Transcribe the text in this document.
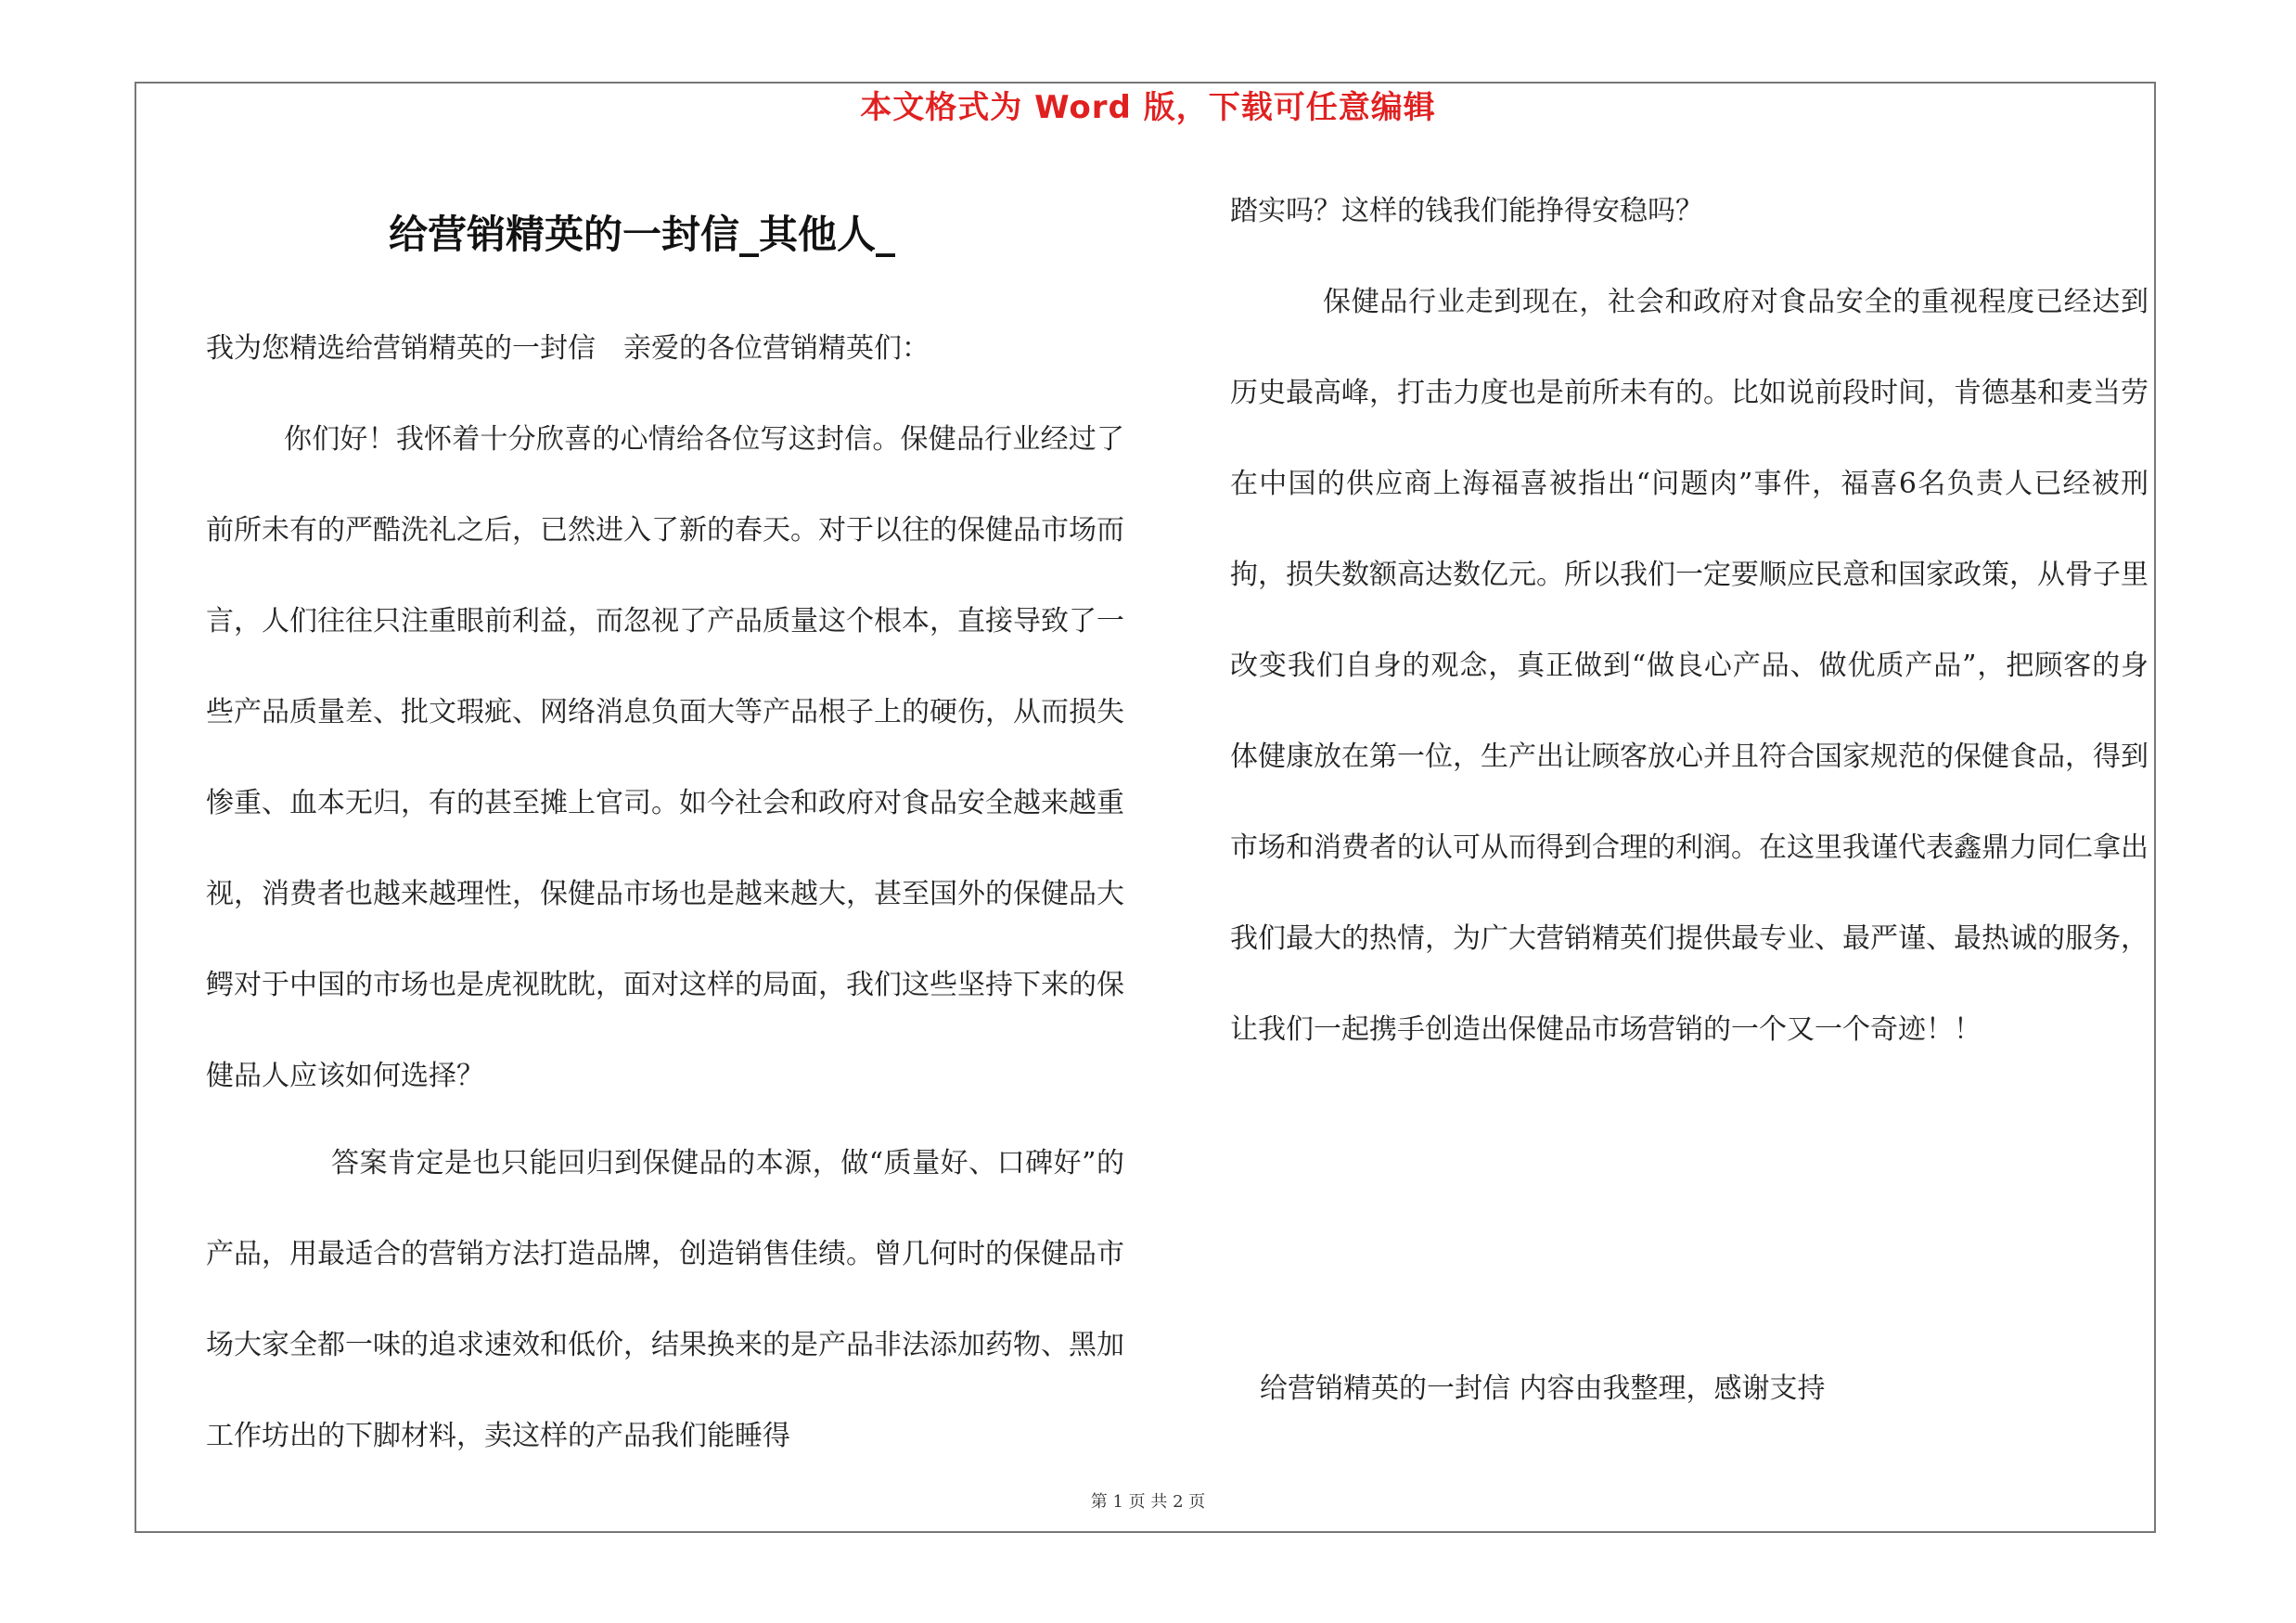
本文格式为 Word 版，下载可任意编辑
给营销精英的一封信_其他人_

我为您精选给营销精英的一封信　亲爱的各位营销精英们：

你们好！我怀着十分欣喜的心情给各位写这封信。保健品行业经过了前所未有的严酷洗礼之后，已然进入了新的春天。对于以往的保健品市场而言，人们往往只注重眼前利益，而忽视了产品质量这个根本，直接导致了一些产品质量差、批文瑕疵、网络消息负面大等产品根子上的硬伤，从而损失惨重、血本无归，有的甚至摊上官司。如今社会和政府对食品安全越来越重视，消费者也越来越理性，保健品市场也是越来越大，甚至国外的保健品大鳄对于中国的市场也是虎视眈眈，面对这样的局面，我们这些坚持下来的保健品人应该如何选择？

答案肯定是也只能回归到保健品的本源，做“质量好、口碑好”的产品，用最适合的营销方法打造品牌，创造销售佳绩。曾几何时的保健品市场大家全都一味的追求速效和低价，结果换来的是产品非法添加药物、黑加工作坊出的下脚材料，卖这样的产品我们能睡得

踏实吗？这样的钱我们能挣得安稳吗？

保健品行业走到现在，社会和政府对食品安全的重视程度已经达到历史最高峰，打击力度也是前所未有的。比如说前段时间，肯德基和麦当劳在中国的供应商上海福喜被指出“问题肉”事件，福喜6名负责人已经被刑拘，损失数额高达数亿元。所以我们一定要顺应民意和国家政策，从骨子里改变我们自身的观念，真正做到“做良心产品、做优质产品”，把顾客的身体健康放在第一位，生产出让顾客放心并且符合国家规范的保健食品，得到市场和消费者的认可从而得到合理的利润。在这里我谨代表鑫鼎力同仁拿出我们最大的热情，为广大营销精英们提供最专业、最严谨、最热诚的服务，让我们一起携手创造出保健品市场营销的一个又一个奇迹！！

给营销精英的一封信 内容由我整理，感谢支持
第 1 页 共 2 页
